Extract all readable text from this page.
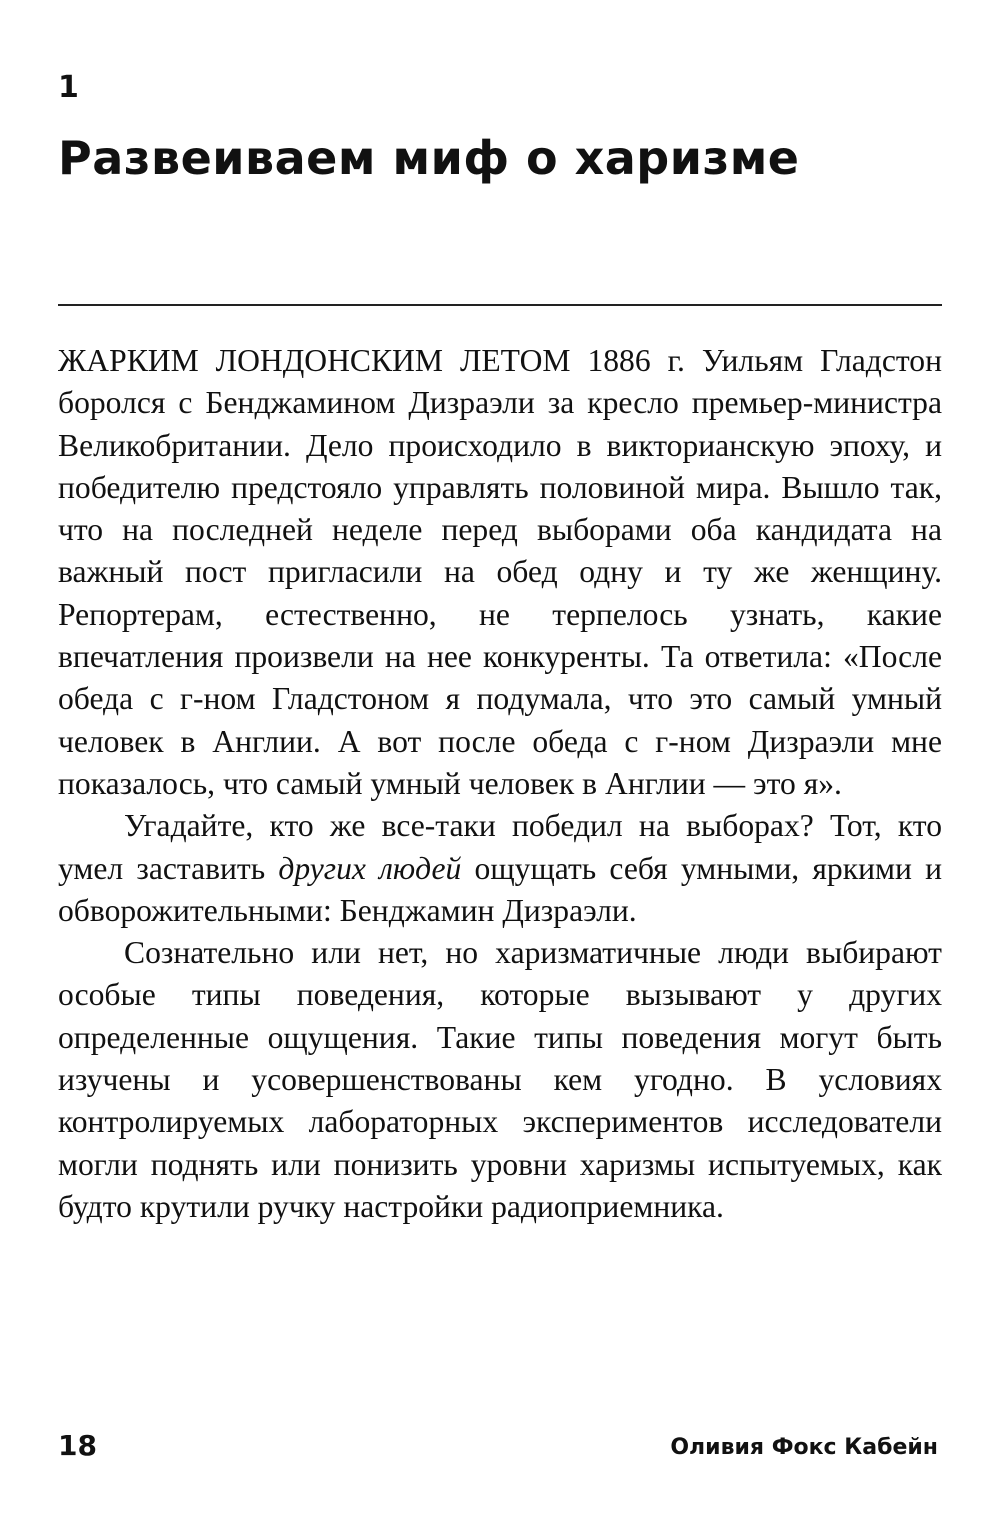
1
Развеиваем миф о харизме

ЖАРКИМ ЛОНДОНСКИМ ЛЕТОМ 1886 г. Уильям Гладстон боролся с Бенджамином Дизраэли за кресло премьер-министра Великобритании. Дело происходило в викторианскую эпоху, и победителю предстояло управлять половиной мира. Вышло так, что на последней неделе перед выборами оба кандидата на важный пост пригласили на обед одну и ту же женщину. Репортерам, естественно, не терпелось узнать, какие впечатления произвели на нее конкуренты. Та ответила: «После обеда с г-ном Гладстоном я подумала, что это самый умный человек в Англии. А вот после обеда с г-ном Дизраэли мне показалось, что самый умный человек в Англии — это я».

Угадайте, кто же все-таки победил на выборах? Тот, кто умел заставить других людей ощущать себя умными, яркими и обворожительными: Бенджамин Дизраэли.

Сознательно или нет, но харизматичные люди выбирают особые типы поведения, которые вызывают у других определенные ощущения. Такие типы поведения могут быть изучены и усовершенствованы кем угодно. В условиях контролируемых лабораторных экспериментов исследователи могли поднять или понизить уровни харизмы испытуемых, как будто крутили ручку настройки радиоприемника.

18	Оливия Фокс Кабейн
